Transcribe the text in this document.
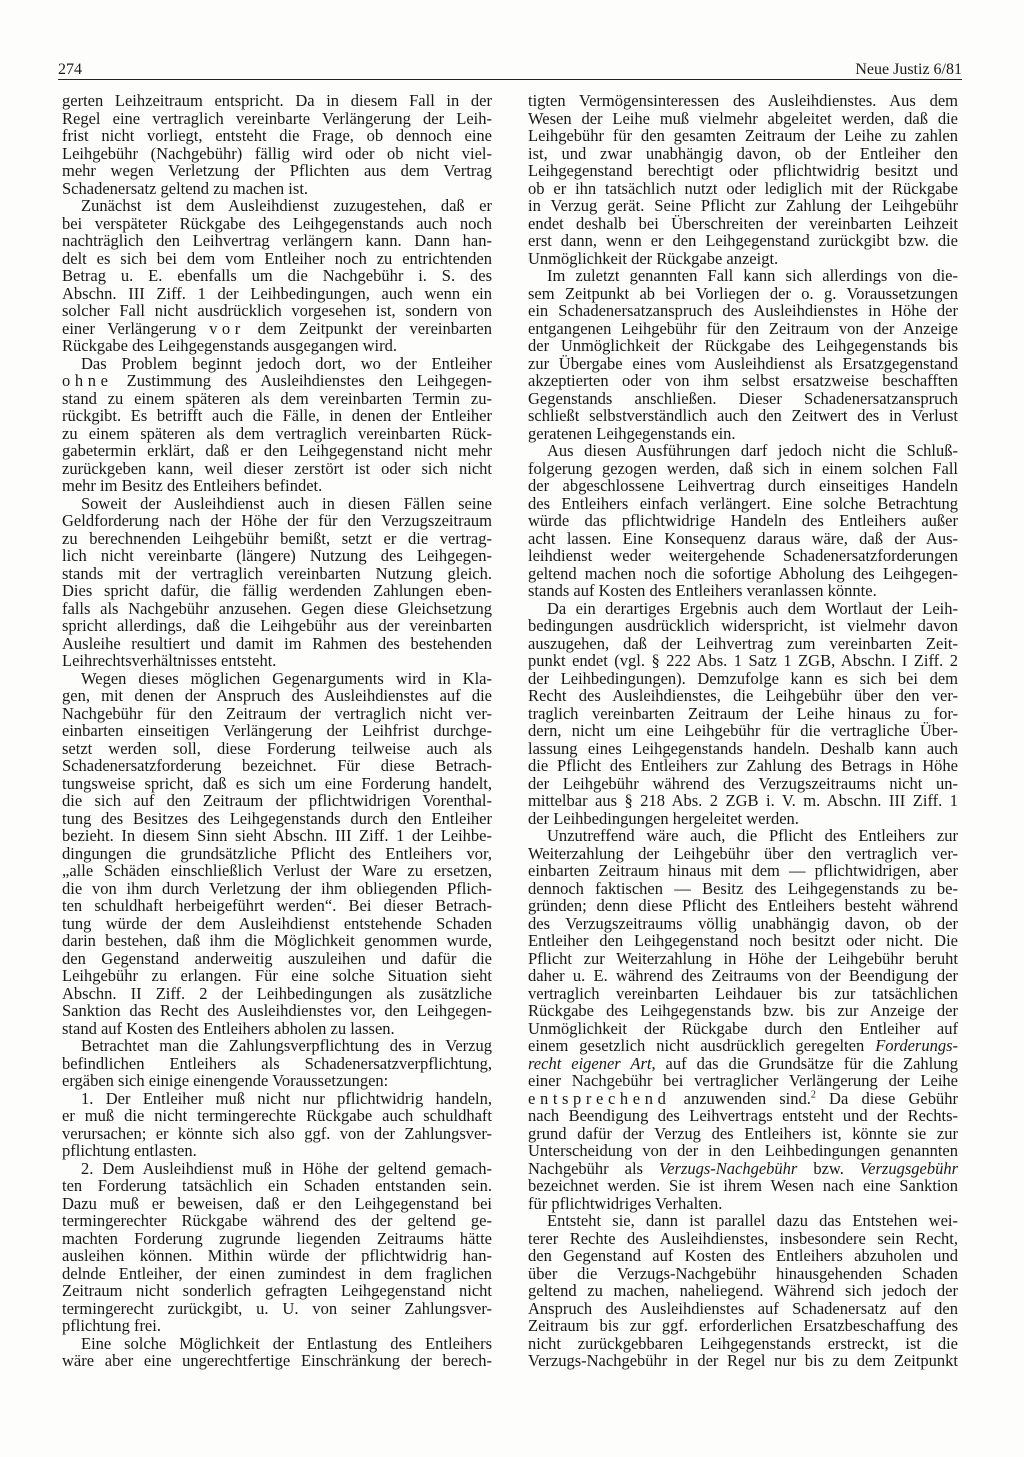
274	Neue Justiz 6/81
gerten Leihzeitraum entspricht. Da in diesem Fall in der
Regel eine vertraglich vereinbarte Verlängerung der Leih-
frist nicht vorliegt, entsteht die Frage, ob dennoch eine
Leihgebühr (Nachgebühr) fällig wird oder ob nicht viel-
mehr wegen Verletzung der Pflichten aus dem Vertrag
Schadenersatz geltend zu machen ist.
Zunächst ist dem Ausleihdienst zuzugestehen, daß er
bei verspäteter Rückgabe des Leihgegenstands auch noch
nachträglich den Leihvertrag verlängern kann. Dann han-
delt es sich bei dem vom Entleiher noch zu entrichtenden
Betrag u. E. ebenfalls um die Nachgebühr i. S. des
Abschn. III Ziff. 1 der Leihbedingungen, auch wenn ein
solcher Fall nicht ausdrücklich vorgesehen ist, sondern von
einer Verlängerung vor dem Zeitpunkt der vereinbarten
Rückgabe des Leihgegenstands ausgegangen wird.
Das Problem beginnt jedoch dort, wo der Entleiher
ohne Zustimmung des Ausleihdienstes den Leihgegen-
stand zu einem späteren als dem vereinbarten Termin zu-
rückgibt. Es betrifft auch die Fälle, in denen der Entleiher
zu einem späteren als dem vertraglich vereinbarten Rück-
gabetermin erklärt, daß er den Leihgegenstand nicht mehr
zurückgeben kann, weil dieser zerstört ist oder sich nicht
mehr im Besitz des Entleihers befindet.
Soweit der Ausleihdienst auch in diesen Fällen seine
Geldforderung nach der Höhe der für den Verzugszeitraum
zu berechnenden Leihgebühr bemißt, setzt er die vertrag-
lich nicht vereinbarte (längere) Nutzung des Leihgegen-
stands mit der vertraglich vereinbarten Nutzung gleich.
Dies spricht dafür, die fällig werdenden Zahlungen eben-
falls als Nachgebühr anzusehen. Gegen diese Gleichsetzung
spricht allerdings, daß die Leihgebühr aus der vereinbarten
Ausleihe resultiert und damit im Rahmen des bestehenden
Leihrechtsverhältnisses entsteht.
Wegen dieses möglichen Gegenarguments wird in Kla-
gen, mit denen der Anspruch des Ausleihdienstes auf die
Nachgebühr für den Zeitraum der vertraglich nicht ver-
einbarten einseitigen Verlängerung der Leihfrist durchge-
setzt werden soll, diese Forderung teilweise auch als
Schadenersatzforderung bezeichnet. Für diese Betrach-
tungsweise spricht, daß es sich um eine Forderung handelt,
die sich auf den Zeitraum der pflichtwidrigen Vorenthal-
tung des Besitzes des Leihgegenstands durch den Entleiher
bezieht. In diesem Sinn sieht Abschn. III Ziff. 1 der Leihbe-
dingungen die grundsätzliche Pflicht des Entleihers vor,
„alle Schäden einschließlich Verlust der Ware zu ersetzen,
die von ihm durch Verletzung der ihm obliegenden Pflich-
ten schuldhaft herbeigeführt werden“. Bei dieser Betrach-
tung würde der dem Ausleihdienst entstehende Schaden
darin bestehen, daß ihm die Möglichkeit genommen wurde,
den Gegenstand anderweitig auszuleihen und dafür die
Leihgebühr zu erlangen. Für eine solche Situation sieht
Abschn. II Ziff. 2 der Leihbedingungen als zusätzliche
Sanktion das Recht des Ausleihdienstes vor, den Leihgegen-
stand auf Kosten des Entleihers abholen zu lassen.
Betrachtet man die Zahlungsverpflichtung des in Verzug
befindlichen Entleihers als Schadenersatzverpflichtung,
ergäben sich einige einengende Voraussetzungen:
1. Der Entleiher muß nicht nur pflichtwidrig handeln,
er muß die nicht termingerechte Rückgabe auch schuldhaft
verursachen; er könnte sich also ggf. von der Zahlungsver-
pflichtung entlasten.
2. Dem Ausleihdienst muß in Höhe der geltend gemach-
ten Forderung tatsächlich ein Schaden entstanden sein.
Dazu muß er beweisen, daß er den Leihgegenstand bei
termingerechter Rückgabe während des der geltend ge-
machten Forderung zugrunde liegenden Zeitraums hätte
ausleihen können. Mithin würde der pflichtwidrig han-
delnde Entleiher, der einen zumindest in dem fraglichen
Zeitraum nicht sonderlich gefragten Leihgegenstand nicht
termingerecht zurückgibt, u. U. von seiner Zahlungsver-
pflichtung frei.
Eine solche Möglichkeit der Entlastung des Entleihers
wäre aber eine ungerechtfertige Einschränkung der berech-
tigten Vermögensinteressen des Ausleihdienstes. Aus dem
Wesen der Leihe muß vielmehr abgeleitet werden, daß die
Leihgebühr für den gesamten Zeitraum der Leihe zu zahlen
ist, und zwar unabhängig davon, ob der Entleiher den
Leihgegenstand berechtigt oder pflichtwidrig besitzt und
ob er ihn tatsächlich nutzt oder lediglich mit der Rückgabe
in Verzug gerät. Seine Pflicht zur Zahlung der Leihgebühr
endet deshalb bei Überschreiten der vereinbarten Leihzeit
erst dann, wenn er den Leihgegenstand zurückgibt bzw. die
Unmöglichkeit der Rückgabe anzeigt.
Im zuletzt genannten Fall kann sich allerdings von die-
sem Zeitpunkt ab bei Vorliegen der o. g. Voraussetzungen
ein Schadenersatzanspruch des Ausleihdienstes in Höhe der
entgangenen Leihgebühr für den Zeitraum von der Anzeige
der Unmöglichkeit der Rückgabe des Leihgegenstands bis
zur Übergabe eines vom Ausleihdienst als Ersatzgegenstand
akzeptierten oder von ihm selbst ersatzweise beschafften
Gegenstands anschließen. Dieser Schadenersatzanspruch
schließt selbstverständlich auch den Zeitwert des in Verlust
geratenen Leihgegenstands ein.
Aus diesen Ausführungen darf jedoch nicht die Schluß-
folgerung gezogen werden, daß sich in einem solchen Fall
der abgeschlossene Leihvertrag durch einseitiges Handeln
des Entleihers einfach verlängert. Eine solche Betrachtung
würde das pflichtwidrige Handeln des Entleihers außer
acht lassen. Eine Konsequenz daraus wäre, daß der Aus-
leihdienst weder weitergehende Schadenersatzforderungen
geltend machen noch die sofortige Abholung des Leihgegen-
stands auf Kosten des Entleihers veranlassen könnte.
Da ein derartiges Ergebnis auch dem Wortlaut der Leih-
bedingungen ausdrücklich widerspricht, ist vielmehr davon
auszugehen, daß der Leihvertrag zum vereinbarten Zeit-
punkt endet (vgl. § 222 Abs. 1 Satz 1 ZGB, Abschn. I Ziff. 2
der Leihbedingungen). Demzufolge kann es sich bei dem
Recht des Ausleihdienstes, die Leihgebühr über den ver-
traglich vereinbarten Zeitraum der Leihe hinaus zu for-
dern, nicht um eine Leihgebühr für die vertragliche Über-
lassung eines Leihgegenstands handeln. Deshalb kann auch
die Pflicht des Entleihers zur Zahlung des Betrags in Höhe
der Leihgebühr während des Verzugszeitraums nicht un-
mittelbar aus § 218 Abs. 2 ZGB i. V. m. Abschn. III Ziff. 1
der Leihbedingungen hergeleitet werden.
Unzutreffend wäre auch, die Pflicht des Entleihers zur
Weiterzahlung der Leihgebühr über den vertraglich ver-
einbarten Zeitraum hinaus mit dem — pflichtwidrigen, aber
dennoch faktischen — Besitz des Leihgegenstands zu be-
gründen; denn diese Pflicht des Entleihers besteht während
des Verzugszeitraums völlig unabhängig davon, ob der
Entleiher den Leihgegenstand noch besitzt oder nicht. Die
Pflicht zur Weiterzahlung in Höhe der Leihgebühr beruht
daher u. E. während des Zeitraums von der Beendigung der
vertraglich vereinbarten Leihdauer bis zur tatsächlichen
Rückgabe des Leihgegenstands bzw. bis zur Anzeige der
Unmöglichkeit der Rückgabe durch den Entleiher auf
einem gesetzlich nicht ausdrücklich geregelten Forderungs-
recht eigener Art, auf das die Grundsätze für die Zahlung
einer Nachgebühr bei vertraglicher Verlängerung der Leihe
entsprechend anzuwenden sind.$^2$ Da diese Gebühr
nach Beendigung des Leihvertrags entsteht und der Rechts-
grund dafür der Verzug des Entleihers ist, könnte sie zur
Unterscheidung von der in den Leihbedingungen genannten
Nachgebühr als Verzugs-Nachgebühr bzw. Verzugsgebühr
bezeichnet werden. Sie ist ihrem Wesen nach eine Sanktion
für pflichtwidriges Verhalten.
Entsteht sie, dann ist parallel dazu das Entstehen wei-
terer Rechte des Ausleihdienstes, insbesondere sein Recht,
den Gegenstand auf Kosten des Entleihers abzuholen und
über die Verzugs-Nachgebühr hinausgehenden Schaden
geltend zu machen, naheliegend. Während sich jedoch der
Anspruch des Ausleihdienstes auf Schadenersatz auf den
Zeitraum bis zur ggf. erforderlichen Ersatzbeschaffung des
nicht zurückgebbaren Leihgegenstands erstreckt, ist die
Verzugs-Nachgebühr in der Regel nur bis zu dem Zeitpunkt
